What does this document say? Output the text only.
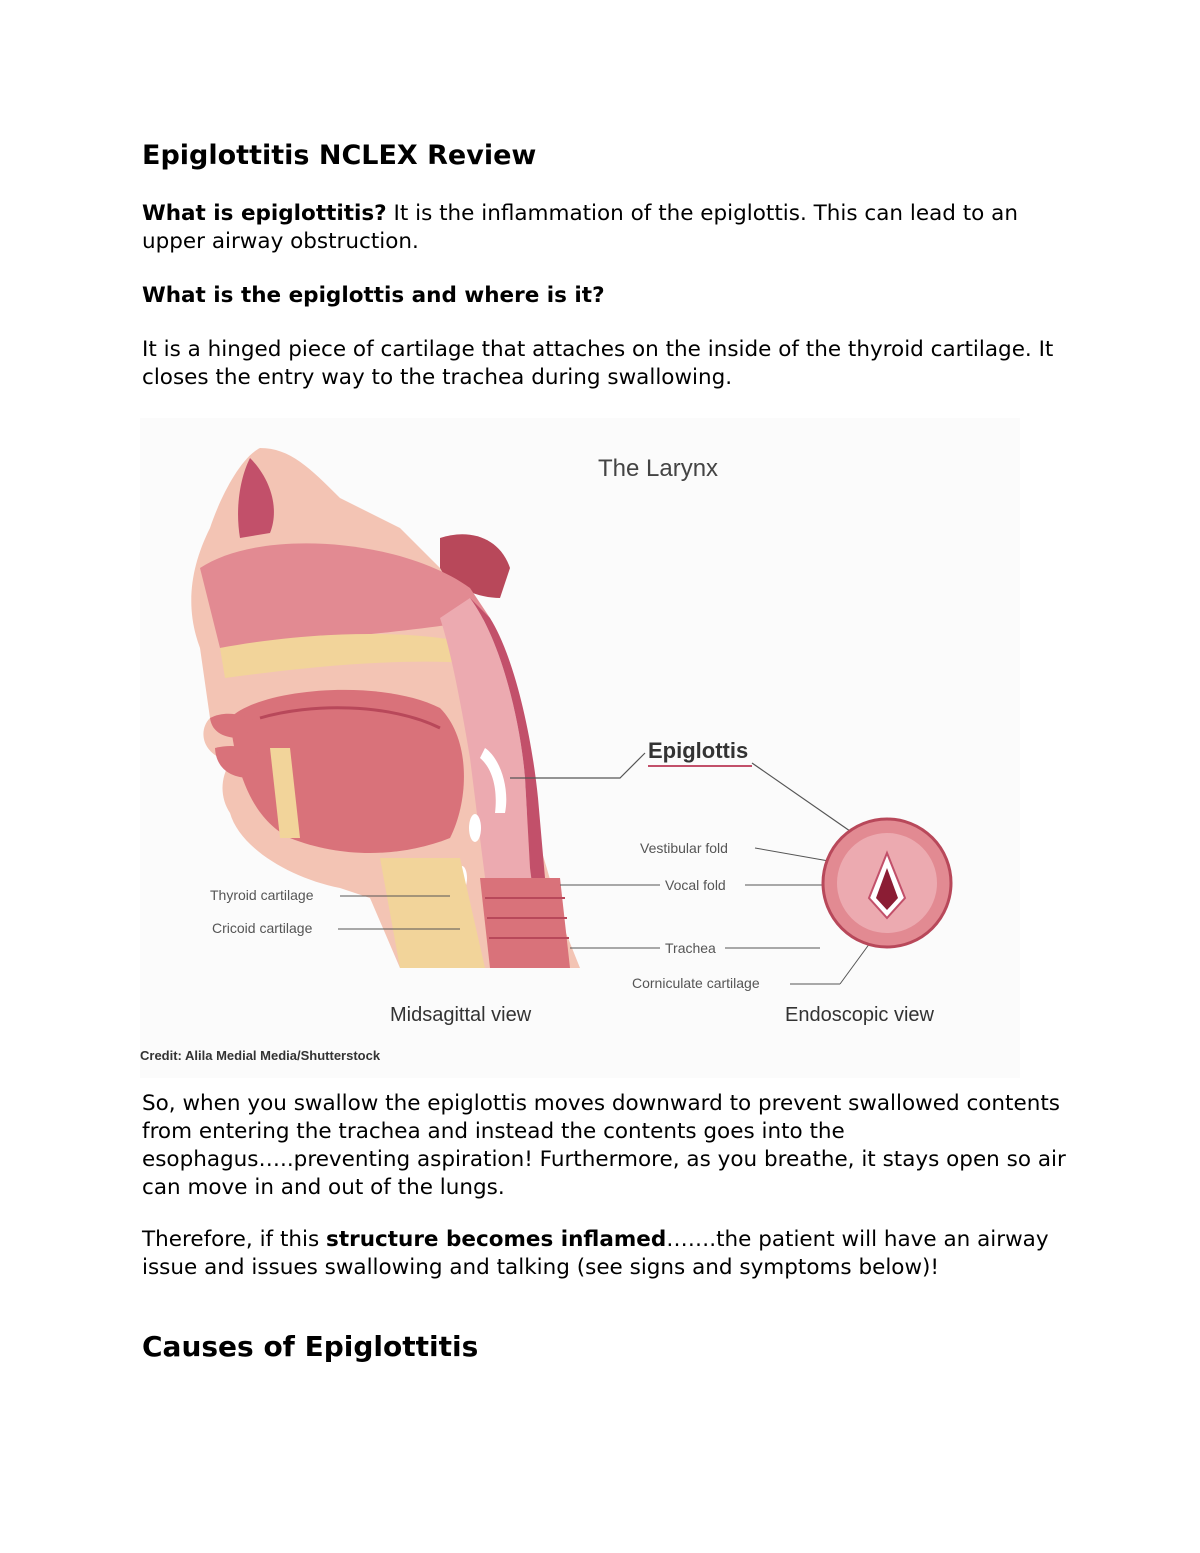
Epiglottitis NCLEX Review

What is epiglottitis? It is the inflammation of the epiglottis. This can lead to an upper airway obstruction.

What is the epiglottis and where is it?

It is a hinged piece of cartilage that attaches on the inside of the thyroid cartilage. It closes the entry way to the trachea during swallowing.

The Larynx
Epiglottis
Vestibular fold
Vocal fold
Trachea
Corniculate cartilage
Thyroid cartilage
Cricoid cartilage
Midsagittal view	Endoscopic view
Credit: Alila Medial Media/Shutterstock

So, when you swallow the epiglottis moves downward to prevent swallowed contents from entering the trachea and instead the contents goes into the esophagus…..preventing aspiration! Furthermore, as you breathe, it stays open so air can move in and out of the lungs.

Therefore, if this structure becomes inflamed…….the patient will have an airway issue and issues swallowing and talking (see signs and symptoms below)!

Causes of Epiglottitis
